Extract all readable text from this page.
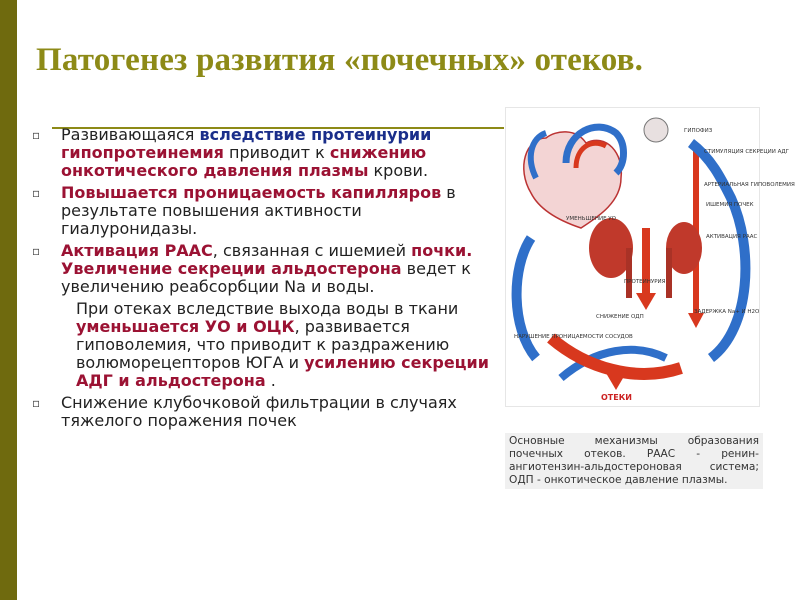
Патогенез развития «почечных» отеков.
▫ Развивающаяся вследствие протеинурии гипопротеинемия приводит к снижению онкотического давления плазмы крови.
▫ Повышается проницаемость капилляров в результате повышения активности гиалуронидазы.
▫ Активация РААС, связанная с ишемией почки. Увеличение секреции альдостерона ведет к увеличению реабсорбции Na и воды.
При отеках вследствие выхода воды в ткани уменьшается УО и ОЦК, развивается гиповолемия, что приводит к раздражению волюморецепторов ЮГА и усилению секреции АДГ и альдостерона .
▫ Снижение клубочковой фильтрации в случаях тяжелого поражения почек
ГИПОФИЗ
СТИМУЛЯЦИЯ СЕКРЕЦИИ АДГ
АРТЕРИАЛЬНАЯ ГИПОВОЛЕМИЯ
ИШЕМИЯ ПОЧЕК
УМЕНЬШЕНИЕ УО
АКТИВАЦИЯ РААС
ПРОТЕИНУРИЯ
СНИЖЕНИЕ ОДП
ЗАДЕРЖКА Na+ И H2O
НАРУШЕНИЕ ПРОНИЦАЕМОСТИ СОСУДОВ
ОТЕКИ

Основные механизмы образования почечных отеков. РААС - ренин-ангиотензин-альдостероновая система; ОДП - онкотическое давление плазмы.
